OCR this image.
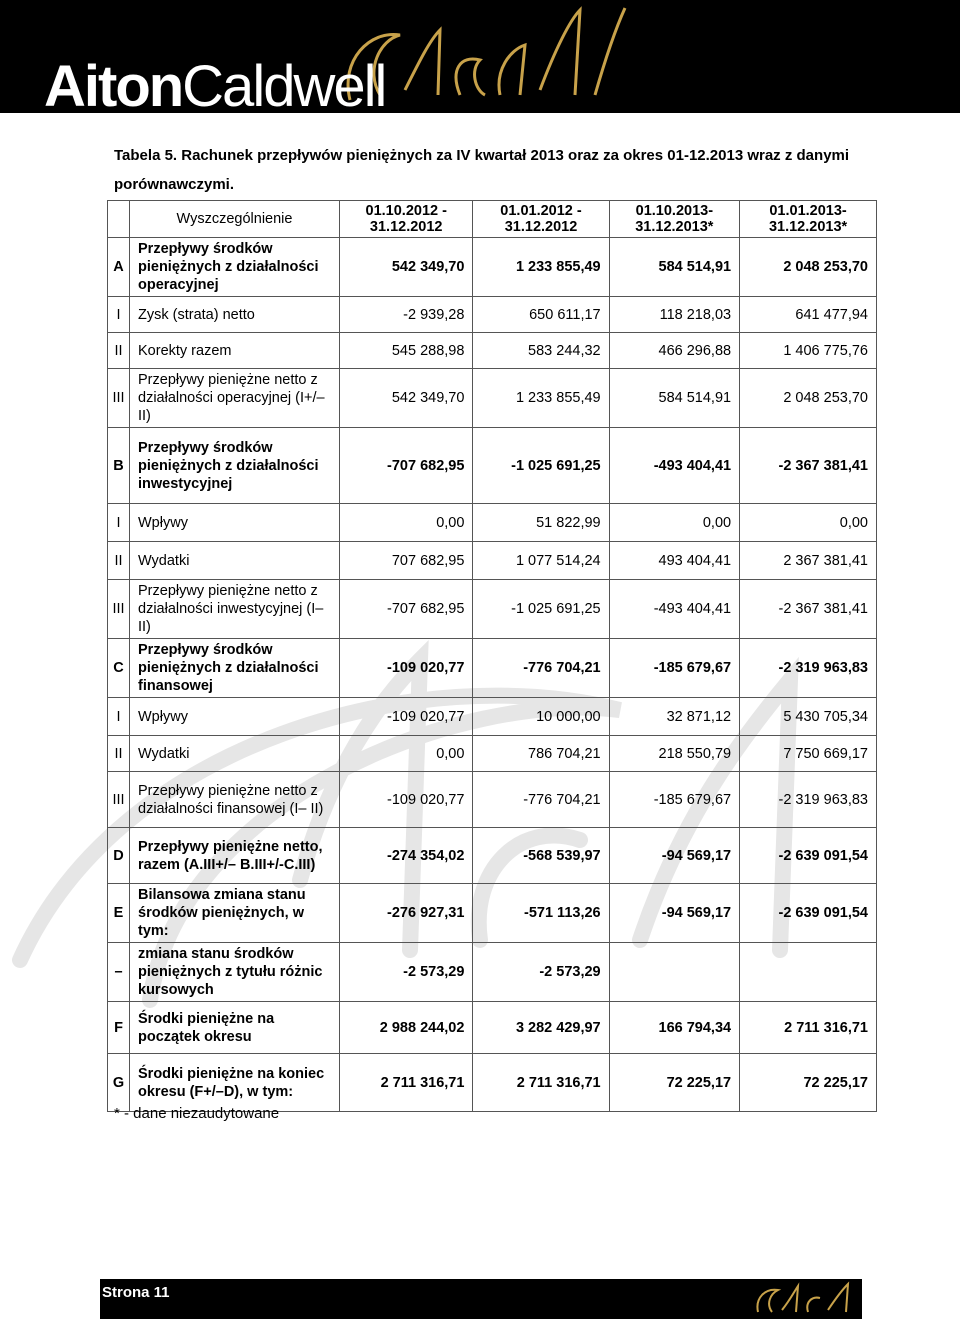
AitonCaldwell
Tabela 5. Rachunek przepływów pieniężnych za IV kwartał 2013 oraz za okres 01-12.2013 wraz z danymi porównawczymi.
	Wyszczególnienie	01.10.2012 - 31.12.2012	01.01.2012 - 31.12.2012	01.10.2013- 31.12.2013*	01.01.2013- 31.12.2013*
A	Przepływy środków pieniężnych z działalności operacyjnej	542 349,70	1 233 855,49	584 514,91	2 048 253,70
I	Zysk (strata) netto	-2 939,28	650 611,17	118 218,03	641 477,94
II	Korekty razem	545 288,98	583 244,32	466 296,88	1 406 775,76
III	Przepływy pieniężne netto z działalności operacyjnej (I+/–II)	542 349,70	1 233 855,49	584 514,91	2 048 253,70
B	Przepływy środków pieniężnych z działalności inwestycyjnej	-707 682,95	-1 025 691,25	-493 404,41	-2 367 381,41
I	Wpływy	0,00	51 822,99	0,00	0,00
II	Wydatki	707 682,95	1 077 514,24	493 404,41	2 367 381,41
III	Przepływy pieniężne netto z działalności inwestycyjnej (I–II)	-707 682,95	-1 025 691,25	-493 404,41	-2 367 381,41
C	Przepływy środków pieniężnych z działalności finansowej	-109 020,77	-776 704,21	-185 679,67	-2 319 963,83
I	Wpływy	-109 020,77	10 000,00	32 871,12	5 430 705,34
II	Wydatki	0,00	786 704,21	218 550,79	7 750 669,17
III	Przepływy pieniężne netto z działalności finansowej (I– II)	-109 020,77	-776 704,21	-185 679,67	-2 319 963,83
D	Przepływy pieniężne netto, razem (A.III+/– B.III+/-C.III)	-274 354,02	-568 539,97	-94 569,17	-2 639 091,54
E	Bilansowa zmiana stanu środków pieniężnych, w tym:	-276 927,31	-571 113,26	-94 569,17	-2 639 091,54
–	zmiana stanu środków pieniężnych z tytułu różnic kursowych	-2 573,29	-2 573,29		
F	Środki pieniężne na początek okresu	2 988 244,02	3 282 429,97	166 794,34	2 711 316,71
G	Środki pieniężne na koniec okresu (F+/–D), w tym:	2 711 316,71	2 711 316,71	72 225,17	72 225,17
* - dane niezaudytowane
Strona 11
